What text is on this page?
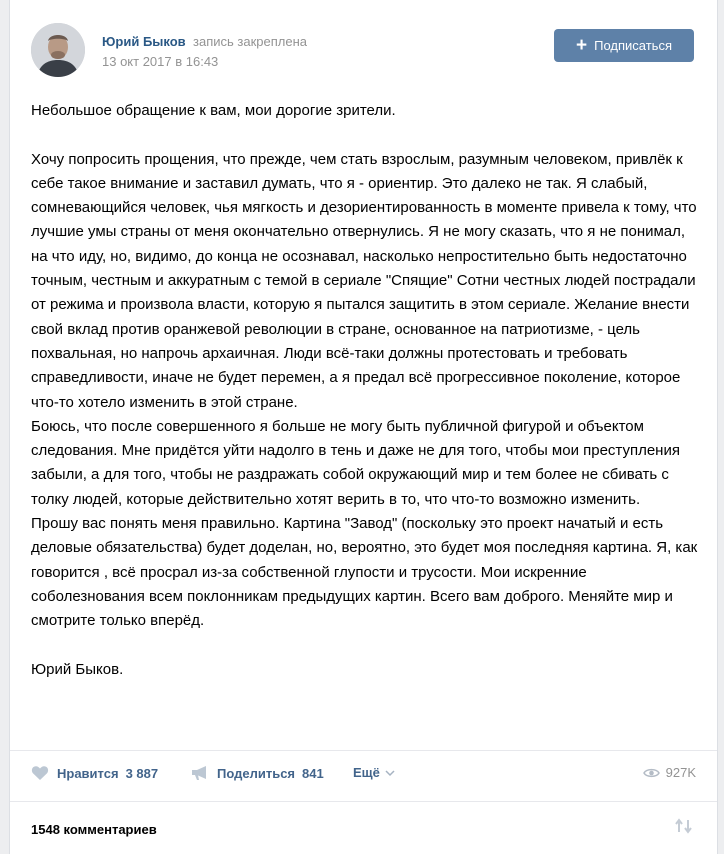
Юрий Быков запись закреплена
13 окт 2017 в 16:43
+ Подписаться
Небольшое обращение к вам, мои дорогие зрители.

Хочу попросить прощения, что прежде, чем стать взрослым, разумным человеком, привлёк к себе такое внимание и заставил думать, что я - ориентир. Это далеко не так. Я слабый, сомневающийся человек, чья мягкость и дезориентированность в моменте привела к тому, что лучшие умы страны от меня окончательно отвернулись. Я не могу сказать, что я не понимал, на что иду, но, видимо, до конца не осознавал, насколько непростительно быть недостаточно точным, честным и аккуратным с темой в сериале "Спящие" Сотни честных людей пострадали от режима и произвола власти, которую я пытался защитить в этом сериале. Желание внести свой вклад против оранжевой революции в стране, основанное на патриотизме, - цель похвальная, но напрочь архаичная. Люди всё-таки должны протестовать и требовать справедливости, иначе не будет перемен, а я предал всё прогрессивное поколение, которое что-то хотело изменить в этой стране.
Боюсь, что после совершенного я больше не могу быть публичной фигурой и объектом следования. Мне придётся уйти надолго в тень и даже не для того, чтобы мои преступления забыли, а для того, чтобы не раздражать собой окружающий мир и тем более не сбивать с толку людей, которые действительно хотят верить в то, что что-то возможно изменить.
Прошу вас понять меня правильно. Картина "Завод" (поскольку это проект начатый и есть деловые обязательства) будет доделан, но, вероятно, это будет моя последняя картина. Я, как говорится , всё просрал из-за собственной глупости и трусости. Мои искренние соболезнования всем поклонникам предыдущих картин. Всего вам доброго. Меняйте мир и смотрите только вперёд.

Юрий Быков.
Нравится 3 887	Поделиться 841 Ещё	927K
1548 комментариев
